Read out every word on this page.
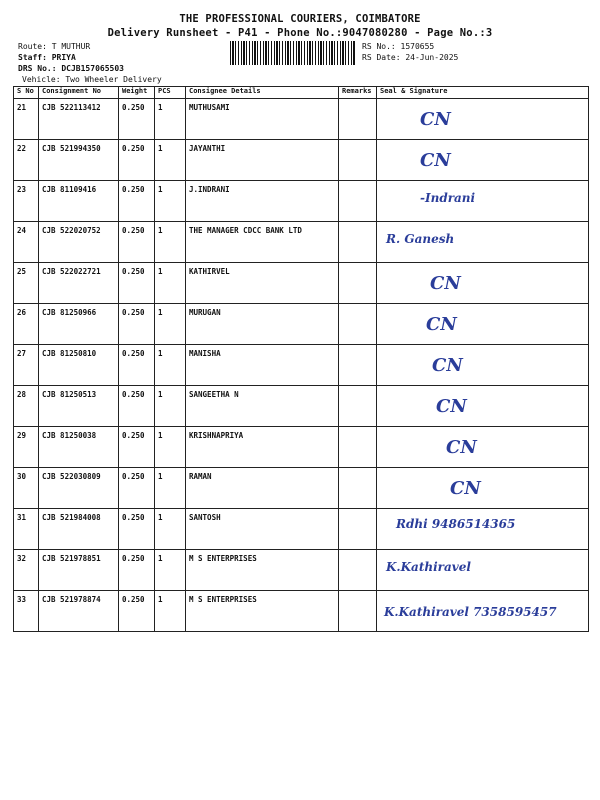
THE PROFESSIONAL COURIERS, COIMBATORE
Delivery Runsheet - P41 - Phone No.:9047080280 - Page No.:3
Route: T MUTHUR
Staff: PRIYA
DRS No.: DCJB157065503
Vehicle: Two Wheeler Delivery
RS No.: 1570655
RS Date: 24-Jun-2025
S No	Consignment No	Weight	PCS	Consignee Details	Remarks	Seal & Signature
21	CJB 522113412	0.250	1	MUTHUSAMI		CN

22	CJB 521994350	0.250	1	JAYANTHI		CN

23	CJB 81109416	0.250	1	J.INDRANI		-Indrani

24	CJB 522020752	0.250	1	THE MANAGER CDCC BANK LTD		R. Ganesh

25	CJB 522022721	0.250	1	KATHIRVEL		CN

26	CJB 81250966	0.250	1	MURUGAN		CN

27	CJB 81250810	0.250	1	MANISHA		CN

28	CJB 81250513	0.250	1	SANGEETHA N		CN

29	CJB 81250038	0.250	1	KRISHNAPRIYA		CN

30	CJB 522030809	0.250	1	RAMAN		CN

31	CJB 521984008	0.250	1	SANTOSH		Rdhi 9486514365

32	CJB 521978851	0.250	1	M S ENTERPRISES		K.Kathiravel

33	CJB 521978874	0.250	1	M S ENTERPRISES		K.Kathiravel 7358595457
